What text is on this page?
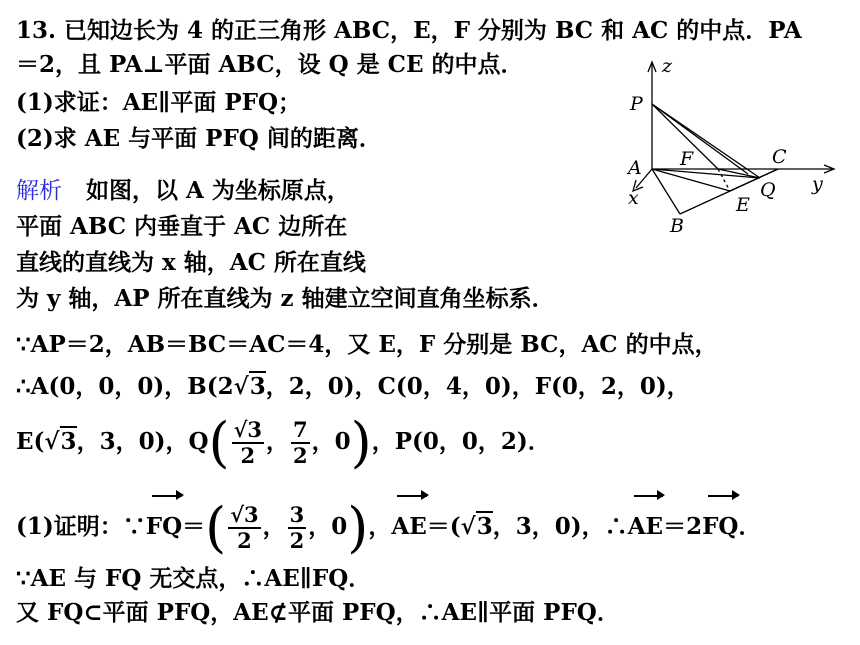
13. 已知边长为 4 的正三角形 ABC，E，F 分别为 BC 和 AC 的中点．PA
＝2，且 PA⊥平面 ABC，设 Q 是 CE 的中点．
(1)求证：AE∥平面 PFQ；
(2)求 AE 与平面 PFQ 间的距离．
解析 如图，以 A 为坐标原点，
平面 ABC 内垂直于 AC 边所在
直线的直线为 x 轴，AC 所在直线
为 y 轴，AP 所在直线为 z 轴建立空间直角坐标系．
∵AP＝2，AB＝BC＝AC＝4，又 E，F 分别是 BC，AC 的中点，
∴A(0，0，0)，B(2√3，2，0)，C(0，4，0)，F(0，2，0)，
E(√3，3，0)，$Q( \frac{√3}{2}$ ， $\frac{7}{2}$ ，0)，P(0，0，2)．
(1)证明：∵FQ＝( $\frac{√3}{2}$ ， $\frac{3}{2}$ ，0)，AE＝(√3，3，0)，∴AE＝2FQ．
∵AE 与 FQ 无交点，∴AE∥FQ．
又 FQ⊂平面 PFQ，AE⊄平面 PFQ，∴AE∥平面 PFQ．
z
y
x
P
A F	C
Q
E
B
